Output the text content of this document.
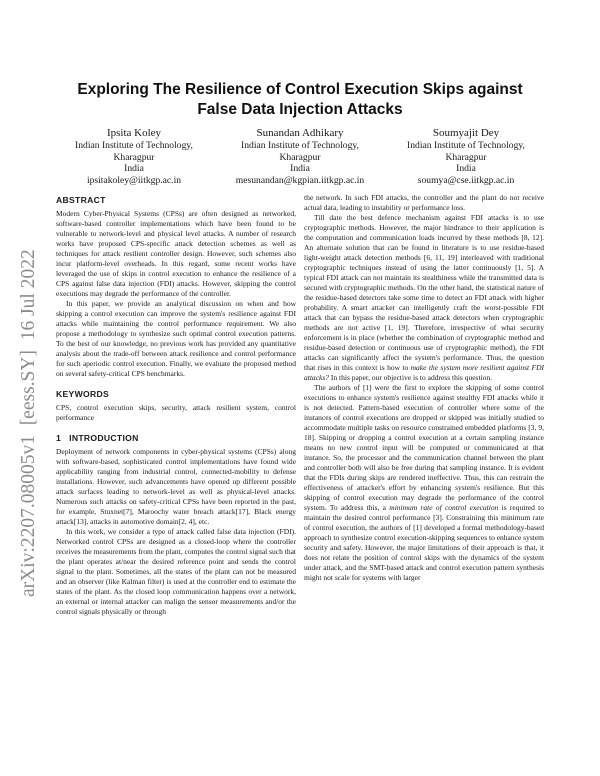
arXiv:2207.08005v1  [eess.SY]  16 Jul 2022
Exploring The Resilience of Control Execution Skips against False Data Injection Attacks
Ipsita Koley
Indian Institute of Technology, Kharagpur
India
ipsitakoley@iitkgp.ac.in
Sunandan Adhikary
Indian Institute of Technology, Kharagpur
India
mesunandan@kgpian.iitkgp.ac.in
Soumyajit Dey
Indian Institute of Technology, Kharagpur
India
soumya@cse.iitkgp.ac.in
ABSTRACT

Modern Cyber-Physical Systems (CPSs) are often designed as networked, software-based controller implementations which have been found to be vulnerable to network-level and physical level attacks. A number of research works have proposed CPS-specific attack detection schemes as well as techniques for attack resilient controller design. However, such schemes also incur platform-level overheads. In this regard, some recent works have leveraged the use of skips in control execution to enhance the resilience of a CPS against false data injection (FDI) attacks. However, skipping the control executions may degrade the performance of the controller.

In this paper, we provide an analytical discussion on when and how skipping a control execution can improve the system's resilience against FDI attacks while maintaining the control performance requirement. We also propose a methodology to synthesize such optimal control execution patterns. To the best of our knowledge, no previous work has provided any quantitative analysis about the trade-off between attack resilience and control performance for such aperiodic control execution. Finally, we evaluate the proposed method on several safety-critical CPS benchmarks.

KEYWORDS

CPS, control execution skips, security, attack resilient system, control performance

1   INTRODUCTION

Deployment of network components in cyber-physical systems (CPSs) along with software-based, sophisticated control implementations have found wide applicability ranging from industrial control, connected-mobility to defense installations. However, such advancements have opened up different possible attack surfaces leading to network-level as well as physical-level attacks. Numerous such attacks on safety-critical CPSs have been reported in the past, for example, Stuxnet[7], Maroochy water breach attack[17], Black energy attack[13], attacks in automotive domain[2, 4], etc.

In this work, we consider a type of attack called false data injection (FDI). Networked control CPSs are designed as a closed-loop where the controller receives the measurements from the plant, computes the control signal such that the plant operates at/near the desired reference point and sends the control signal to the plant. Sometimes, all the states of the plant can not be measured and an observer (like Kalman filter) is used at the controller end to estimate the states of the plant. As the closed loop communication happens over a network, an external or internal attacker can malign the sensor measurements and/or the control signals physically or through

the network. In such FDI attacks, the controller and the plant do not receive actual data, leading to instability or performance loss.

Till date the best defence mechanism against FDI attacks is to use cryptographic methods. However, the major hindrance to their application is the computation and communication loads incurred by these methods [8, 12]. An alternate solution that can be found in literature is to use residue-based light-weight attack detection methods [6, 11, 19] interleaved with traditional cryptographic techniques instead of using the latter continuously [1, 5]. A typical FDI attack can not maintain its stealthiness while the transmitted data is secured with cryptographic methods. On the other hand, the statistical nature of the residue-based detectors take some time to detect an FDI attack with higher probability. A smart attacker can intelligently craft the worst-possible FDI attack that can bypass the residue-based attack detectors when cryptographic methods are not active [1, 19]. Therefore, irrespective of what security enforcement is in place (whether the combination of cryptographic method and residue-based detection or continuous use of cryptographic method), the FDI attacks can significantly affect the system's performance. Thus, the question that rises in this context is how to make the system more resilient against FDI attacks? In this paper, our objective is to address this question.

The authors of [1] were the first to explore the skipping of some control executions to enhance system's resilience against stealthy FDI attacks while it is not detected. Pattern-based execution of controller where some of the instances of control executions are dropped or skipped was initially studied to accommodate multiple tasks on resource constrained embedded platforms [3, 9, 18]. Skipping or dropping a control execution at a certain sampling instance means no new control input will be computed or communicated at that instance. So, the processor and the communication channel between the plant and controller both will also be free during that sampling instance. It is evident that the FDIs during skips are rendered ineffective. Thus, this can restrain the effectiveness of attacker's effort by enhancing system's resilience. But this skipping of control execution may degrade the performance of the control system. To address this, a minimum rate of control execution is required to maintain the desired control performance [3]. Constraining this minimum rate of control execution, the authors of [1] developed a formal methodology-based approach to synthesize control execution-skipping sequences to enhance system security and safety. However, the major limitations of their approach is that, it does not relate the position of control skips with the dynamics of the system under attack, and the SMT-based attack and control execution pattern synthesis might not scale for systems with larger
